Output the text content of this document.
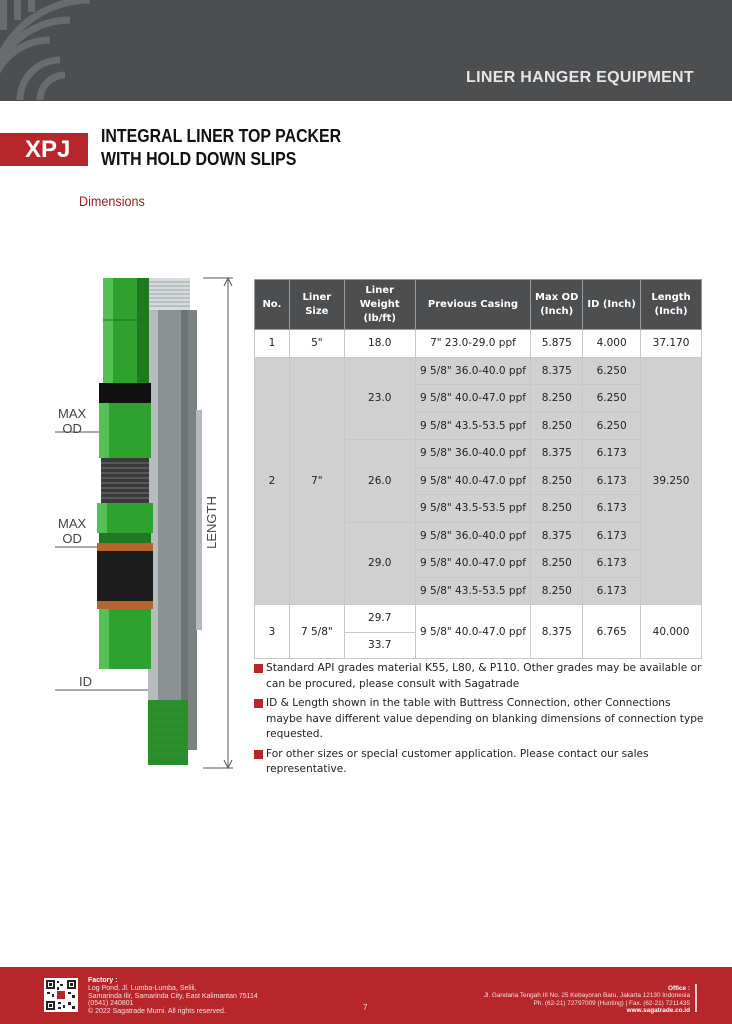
LINER HANGER EQUIPMENT
XPJ
INTEGRAL LINER TOP PACKER
WITH HOLD DOWN SLIPS
Dimensions
MAX
OD
MAX
OD
ID
LENGTH
No.	Liner Size	Liner Weight (lb/ft)	Previous Casing	Max OD (Inch)	ID (Inch)	Length (Inch)
1	5"	18.0	7" 23.0-29.0 ppf	5.875	4.000	37.170
2	7"	23.0	9 5/8" 36.0-40.0 ppf	8.375	6.250	39.250
			9 5/8" 40.0-47.0 ppf	8.250	6.250	
			9 5/8" 43.5-53.5 ppf	8.250	6.250	
		26.0	9 5/8" 36.0-40.0 ppf	8.375	6.173	
			9 5/8" 40.0-47.0 ppf	8.250	6.173	
			9 5/8" 43.5-53.5 ppf	8.250	6.173	
		29.0	9 5/8" 36.0-40.0 ppf	8.375	6.173	
			9 5/8" 40.0-47.0 ppf	8.250	6.173	
			9 5/8" 43.5-53.5 ppf	8.250	6.173	
3	7 5/8"	29.7	9 5/8" 40.0-47.0 ppf	8.375	6.765	40.000
		33.7				
Standard API grades material K55, L80, & P110. Other grades may be available or can be procured, please consult with Sagatrade
ID & Length shown in the table with Buttress Connection, other Connections maybe have different value depending on blanking dimensions of connection type requested.
For other sizes or special customer application. Please contact our sales representative.
Factory :
Log Pond, Jl. Lumba-Lumba, Selili,
Samarinda Ilir, Samarinda City, East Kalimantan 75114
(0541) 240801
© 2022 Sagatrade Murni. All rights reserved.	7
Office :
Jl. Gandaria Tengah III No. 25 Kebayoran Baru, Jakarta 12130 Indonesia
Ph. (62-21) 72797009 (Hunting) | Fax. (62-21) 7211435
www.sagatrade.co.id
